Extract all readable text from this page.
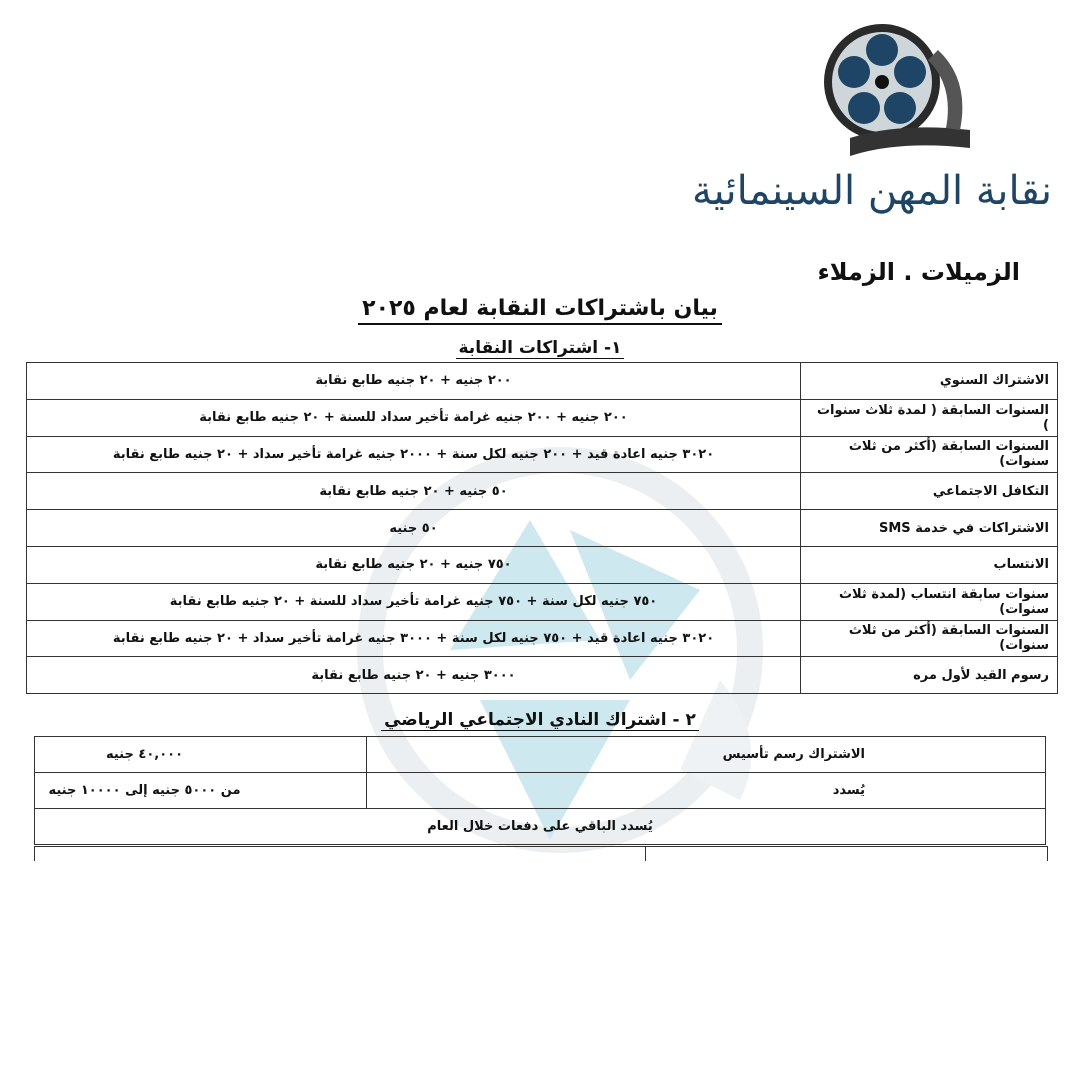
نقابة المهن السينمائية
الزميلات . الزملاء
بيان باشتراكات النقابة لعام ٢٠٢٥
١- اشتراكات النقابة
الاشتراك السنوي	٢٠٠ جنيه + ٢٠ جنيه طابع نقابة
السنوات السابقة ( لمدة ثلاث سنوات )	٢٠٠ جنيه + ٢٠٠ جنيه غرامة تأخير سداد للسنة + ٢٠ جنيه طابع نقابة
السنوات السابقة (أكثر من ثلاث سنوات)	٣٠٢٠ جنيه اعادة قيد + ٢٠٠ جنيه لكل سنة + ٢٠٠٠ جنيه غرامة تأخير سداد + ٢٠ جنيه طابع نقابة
التكافل الاجتماعي	٥٠ جنيه + ٢٠ جنيه طابع نقابة
الاشتراكات في خدمة SMS	٥٠ جنيه
الانتساب	٧٥٠ جنيه + ٢٠ جنيه طابع نقابة
سنوات سابقة انتساب (لمدة ثلاث سنوات)	٧٥٠ جنيه لكل سنة + ٧٥٠ جنيه غرامة تأخير سداد للسنة + ٢٠ جنيه طابع نقابة
السنوات السابقة (أكثر من ثلاث سنوات)	٣٠٢٠ جنيه اعادة قيد + ٧٥٠ جنيه لكل سنة + ٣٠٠٠ جنيه غرامة تأخير سداد + ٢٠ جنيه طابع نقابة
رسوم القيد لأول مره	٣٠٠٠ جنيه + ٢٠ جنيه طابع نقابة
٢ - اشتراك النادي الاجتماعي الرياضي
الاشتراك رسم تأسيس	٤٠,٠٠٠ جنيه
يُسدد	من ٥٠٠٠ جنيه إلى ١٠٠٠٠ جنيه
يُسدد الباقي على دفعات خلال العام	
